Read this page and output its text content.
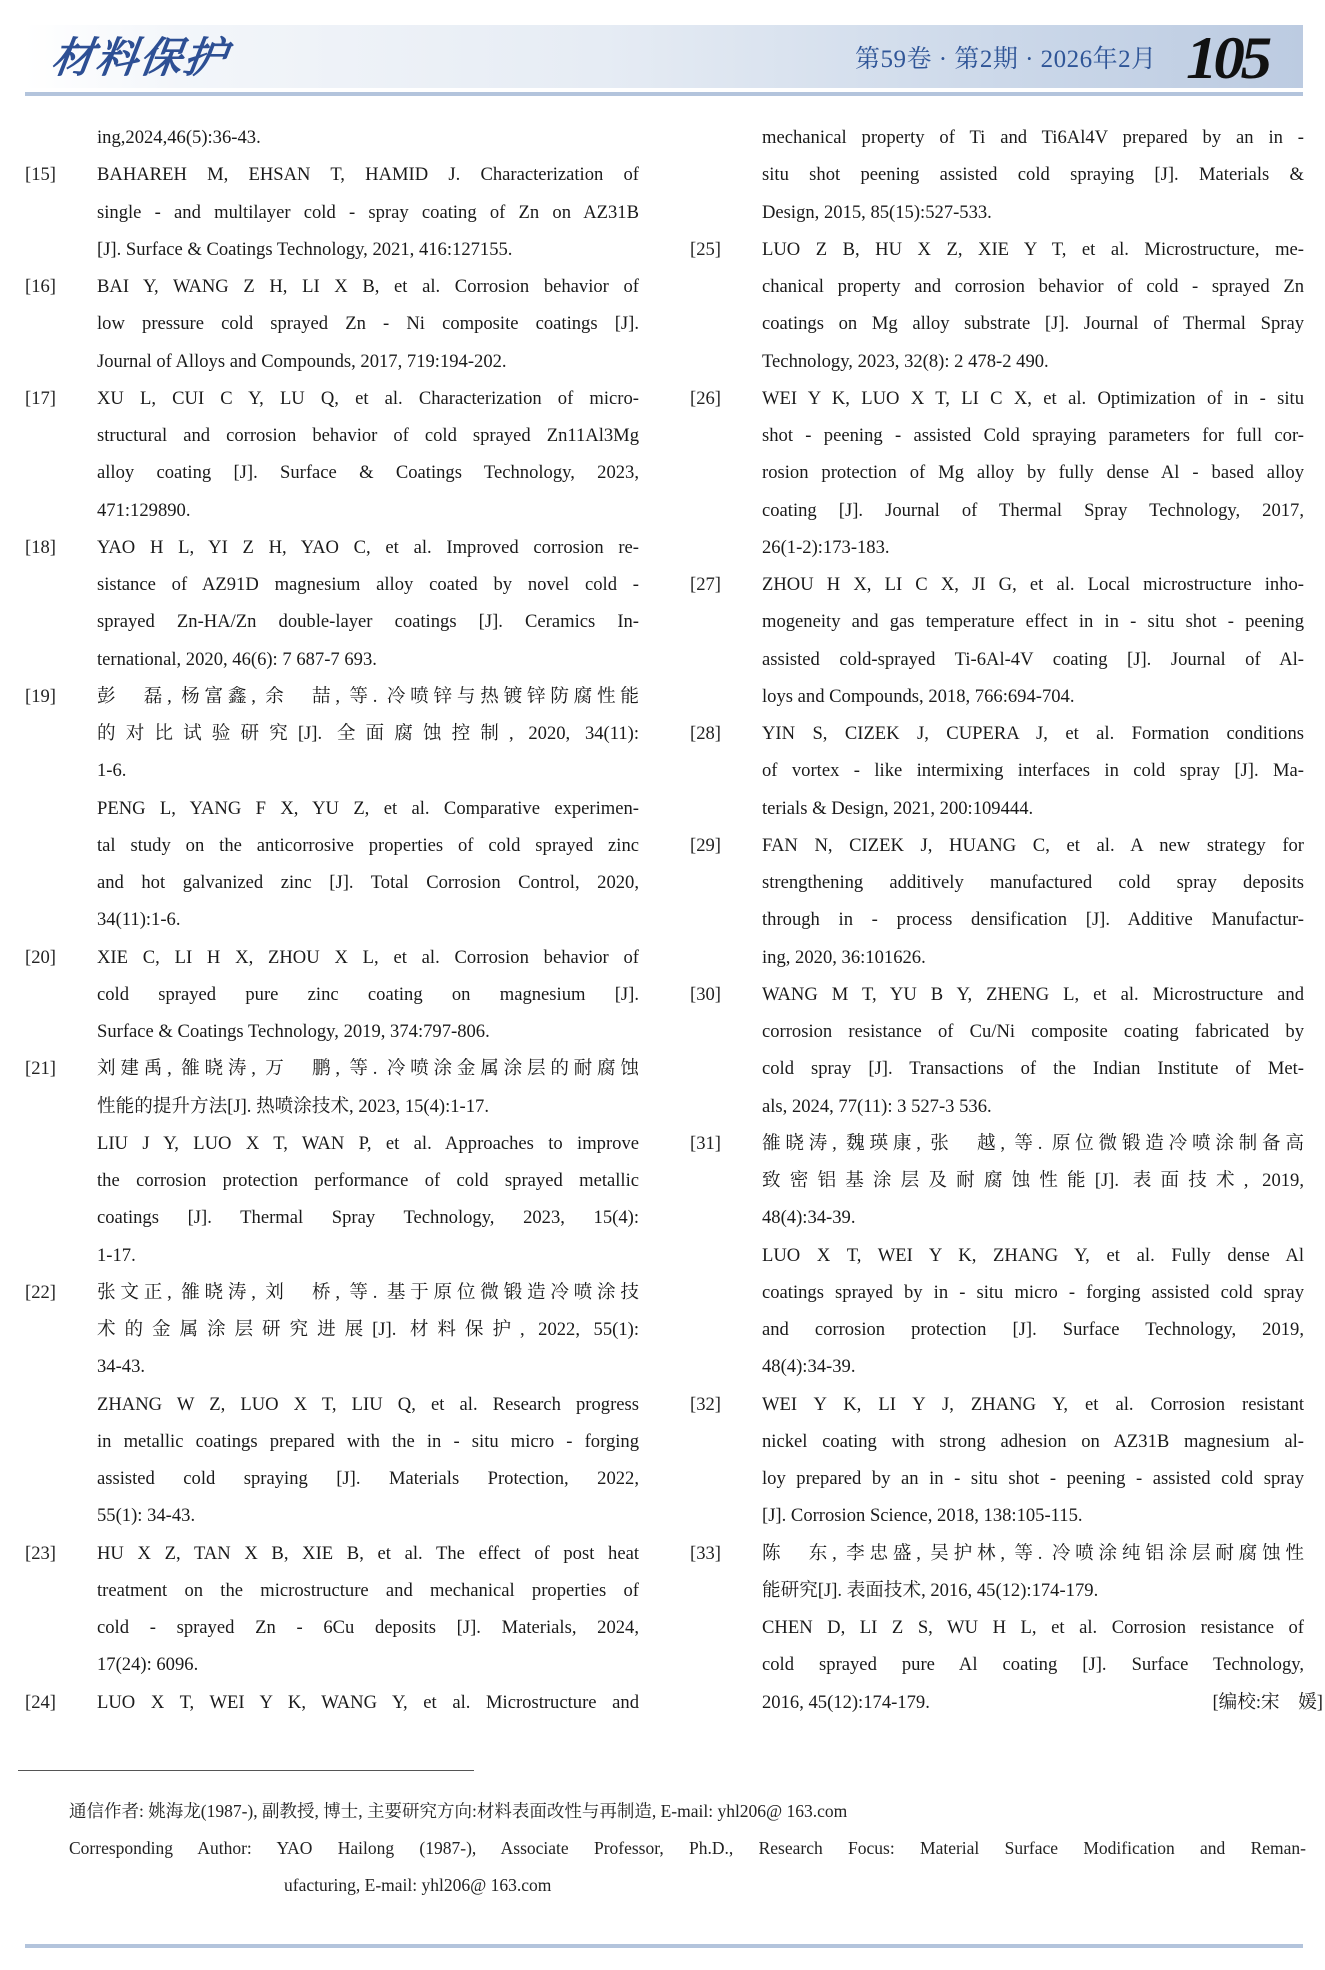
材料保护	第59卷 · 第2期 · 2026年2月 105
ing,2024,46(5):36-43.
[15]	BAHAREH M, EHSAN T, HAMID J. Characterization of
single - and multilayer cold - spray coating of Zn on AZ31B
[J]. Surface & Coatings Technology, 2021, 416:127155.
[16]	BAI Y, WANG Z H, LI X B, et al. Corrosion behavior of
low pressure cold sprayed Zn - Ni composite coatings [J].
Journal of Alloys and Compounds, 2017, 719:194-202.
[17]	XU L, CUI C Y, LU Q, et al. Characterization of micro-
structural and corrosion behavior of cold sprayed Zn11Al3Mg
alloy coating [J]. Surface & Coatings Technology, 2023,
471:129890.
[18]	YAO H L, YI Z H, YAO C, et al. Improved corrosion re-
sistance of AZ91D magnesium alloy coated by novel cold -
sprayed Zn-HA/Zn double-layer coatings [J]. Ceramics In-
ternational, 2020, 46(6): 7 687-7 693.
[19]	彭　磊, 杨富鑫, 余　喆, 等. 冷喷锌与热镀锌防腐性能
的对比试验研究[J]. 全面腐蚀控制, 2020, 34(11):
1-6.
PENG L, YANG F X, YU Z, et al. Comparative experimen-
tal study on the anticorrosive properties of cold sprayed zinc
and hot galvanized zinc [J]. Total Corrosion Control, 2020,
34(11):1-6.
[20]	XIE C, LI H X, ZHOU X L, et al. Corrosion behavior of
cold sprayed pure zinc coating on magnesium [J].
Surface & Coatings Technology, 2019, 374:797-806.
[21]	刘建禹, 雒晓涛, 万　鹏, 等. 冷喷涂金属涂层的耐腐蚀
性能的提升方法[J]. 热喷涂技术, 2023, 15(4):1-17.
LIU J Y, LUO X T, WAN P, et al. Approaches to improve
the corrosion protection performance of cold sprayed metallic
coatings [J]. Thermal Spray Technology, 2023, 15(4):
1-17.
[22]	张文正, 雒晓涛, 刘　桥, 等. 基于原位微锻造冷喷涂技
术的金属涂层研究进展[J]. 材料保护, 2022, 55(1):
34-43.
ZHANG W Z, LUO X T, LIU Q, et al. Research progress
in metallic coatings prepared with the in - situ micro - forging
assisted cold spraying [J]. Materials Protection, 2022,
55(1): 34-43.
[23]	HU X Z, TAN X B, XIE B, et al. The effect of post heat
treatment on the microstructure and mechanical properties of
cold - sprayed Zn - 6Cu deposits [J]. Materials, 2024,
17(24): 6096.
[24]	LUO X T, WEI Y K, WANG Y, et al. Microstructure and
mechanical property of Ti and Ti6Al4V prepared by an in -
situ shot peening assisted cold spraying [J]. Materials &
Design, 2015, 85(15):527-533.
[25]	LUO Z B, HU X Z, XIE Y T, et al. Microstructure, me-
chanical property and corrosion behavior of cold - sprayed Zn
coatings on Mg alloy substrate [J]. Journal of Thermal Spray
Technology, 2023, 32(8): 2 478-2 490.
[26]	WEI Y K, LUO X T, LI C X, et al. Optimization of in - situ
shot - peening - assisted Cold spraying parameters for full cor-
rosion protection of Mg alloy by fully dense Al - based alloy
coating [J]. Journal of Thermal Spray Technology, 2017,
26(1-2):173-183.
[27]	ZHOU H X, LI C X, JI G, et al. Local microstructure inho-
mogeneity and gas temperature effect in in - situ shot - peening
assisted cold-sprayed Ti-6Al-4V coating [J]. Journal of Al-
loys and Compounds, 2018, 766:694-704.
[28]	YIN S, CIZEK J, CUPERA J, et al. Formation conditions
of vortex - like intermixing interfaces in cold spray [J]. Ma-
terials & Design, 2021, 200:109444.
[29]	FAN N, CIZEK J, HUANG C, et al. A new strategy for
strengthening additively manufactured cold spray deposits
through in - process densification [J]. Additive Manufactur-
ing, 2020, 36:101626.
[30]	WANG M T, YU B Y, ZHENG L, et al. Microstructure and
corrosion resistance of Cu/Ni composite coating fabricated by
cold spray [J]. Transactions of the Indian Institute of Met-
als, 2024, 77(11): 3 527-3 536.
[31]	雒晓涛, 魏瑛康, 张　越, 等. 原位微锻造冷喷涂制备高
致密铝基涂层及耐腐蚀性能[J]. 表面技术, 2019,
48(4):34-39.
LUO X T, WEI Y K, ZHANG Y, et al. Fully dense Al
coatings sprayed by in - situ micro - forging assisted cold spray
and corrosion protection [J]. Surface Technology, 2019,
48(4):34-39.
[32]	WEI Y K, LI Y J, ZHANG Y, et al. Corrosion resistant
nickel coating with strong adhesion on AZ31B magnesium al-
loy prepared by an in - situ shot - peening - assisted cold spray
[J]. Corrosion Science, 2018, 138:105-115.
[33]	陈　东, 李忠盛, 吴护林, 等. 冷喷涂纯铝涂层耐腐蚀性
能研究[J]. 表面技术, 2016, 45(12):174-179.
CHEN D, LI Z S, WU H L, et al. Corrosion resistance of
cold sprayed pure Al coating [J]. Surface Technology,
2016, 45(12):174-179.	[编校:宋　媛]
通信作者: 姚海龙(1987-), 副教授, 博士, 主要研究方向:材料表面改性与再制造, E-mail: yhl206@ 163.com
Corresponding Author: YAO Hailong (1987-), Associate Professor, Ph.D., Research Focus: Material Surface Modification and Reman-
ufacturing, E-mail: yhl206@ 163.com
